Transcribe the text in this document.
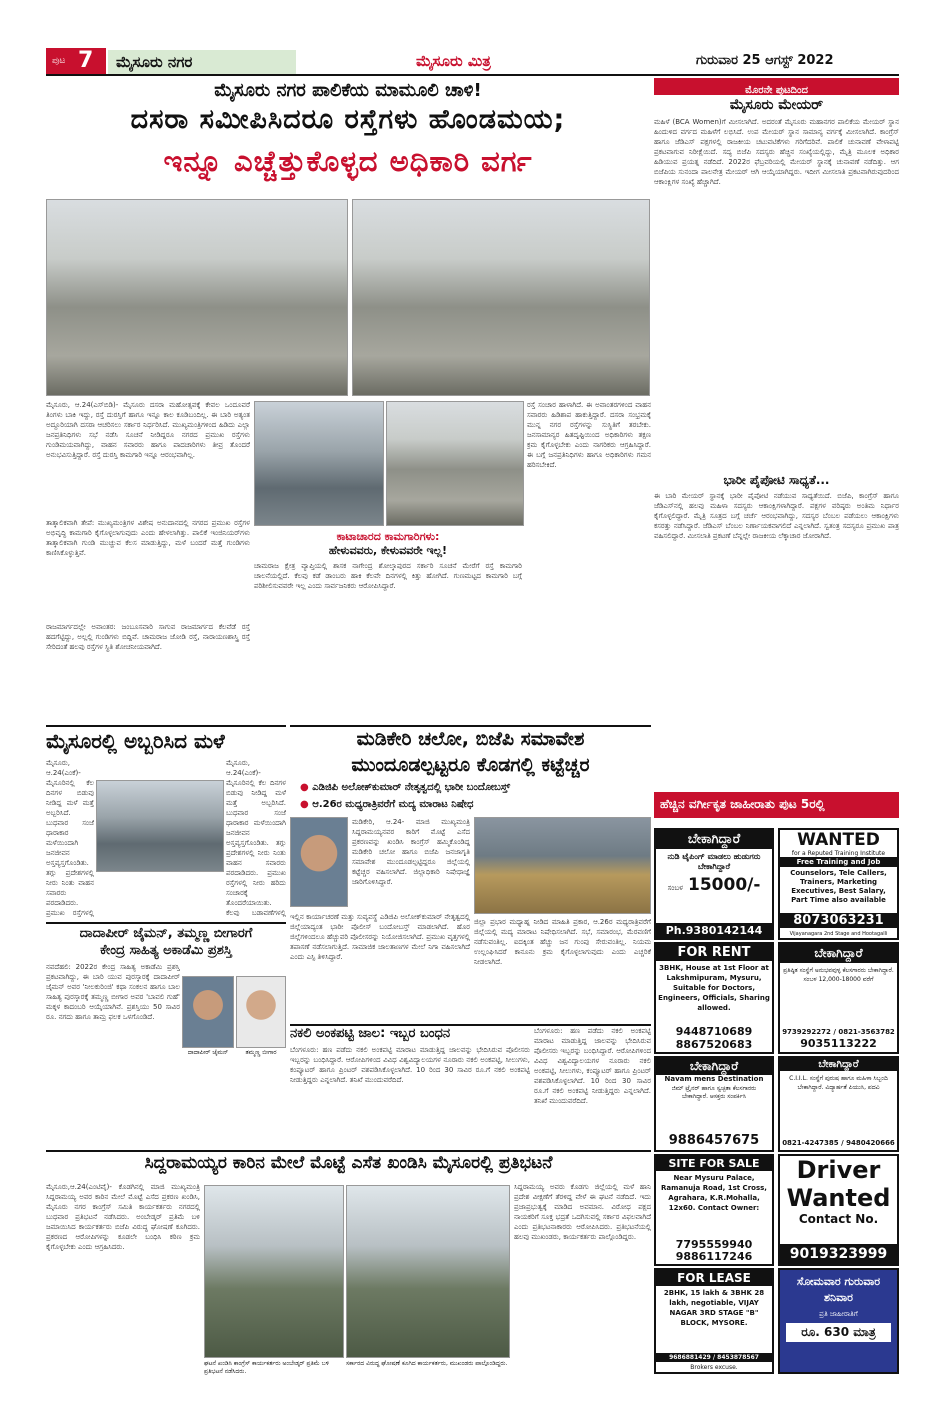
ಪುಟ 7 ಮೈಸೂರು ನಗರ	ಮೈಸೂರು ಮಿತ್ರ	ಗುರುವಾರ 25 ಆಗಸ್ಟ್ 2022
ಮೈಸೂರು ನಗರ ಪಾಲಿಕೆಯ ಮಾಮೂಲಿ ಚಾಳಿ!
ದಸರಾ ಸಮೀಪಿಸಿದರೂ ರಸ್ತೆಗಳು ಹೊಂಡಮಯ;
ಇನ್ನೂ ಎಚ್ಚೆತ್ತುಕೊಳ್ಳದ ಅಧಿಕಾರಿ ವರ್ಗ
ಮೈಸೂರು, ಆ.24(ಎಸ್‌ಬಿಡಿ)- ಮೈಸೂರು ದಸರಾ ಮಹೋತ್ಸವಕ್ಕೆ ಕೇವಲ ಒಂದೂವರೆ ತಿಂಗಳು ಬಾಕಿ ಇದ್ದು, ರಸ್ತೆ ದುರಸ್ತಿಗೆ ಹಾಗೂ ಇನ್ನೂ ಕಾಲ ಕೂಡಿಬಂದಿಲ್ಲ. ಈ ಬಾರಿ ಅತ್ಯಂತ ಅದ್ದೂರಿಯಾಗಿ ದಸರಾ ಆಚರಿಸಲು ಸರ್ಕಾರ ನಿರ್ಧರಿಸಿದೆ. ಮುಖ್ಯಮಂತ್ರಿಗಳಿಂದ ಹಿಡಿದು ಎಲ್ಲಾ ಜನಪ್ರತಿನಿಧಿಗಳು ಸಭೆ ನಡೆಸಿ ಸೂಚನೆ ನೀಡಿದ್ದರೂ ನಗರದ ಪ್ರಮುಖ ರಸ್ತೆಗಳು ಗುಂಡಿಮಯವಾಗಿದ್ದು, ವಾಹನ ಸವಾರರು ಹಾಗೂ ಪಾದಚಾರಿಗಳು ತೀವ್ರ ತೊಂದರೆ ಅನುಭವಿಸುತ್ತಿದ್ದಾರೆ. ರಸ್ತೆ ದುರಸ್ತಿ ಕಾಮಗಾರಿ ಇನ್ನೂ ಆರಂಭವಾಗಿಲ್ಲ.
ತಾತ್ಕಾಲಿಕವಾಗಿ ತೇಪೆ: ಮುಖ್ಯಮಂತ್ರಿಗಳ ವಿಶೇಷ ಅನುದಾನದಲ್ಲಿ ನಗರದ ಪ್ರಮುಖ ರಸ್ತೆಗಳ ಅಭಿವೃದ್ಧಿ ಕಾಮಗಾರಿ ಕೈಗೊಳ್ಳಲಾಗುವುದು ಎಂದು ಹೇಳಲಾಗಿತ್ತು. ಪಾಲಿಕೆ ಇಂಜಿನಿಯರ್‌ಗಳು ತಾತ್ಕಾಲಿಕವಾಗಿ ಗುಂಡಿ ಮುಚ್ಚುವ ಕೆಲಸ ಮಾಡುತ್ತಿದ್ದು, ಮಳೆ ಬಂದರೆ ಮತ್ತೆ ಗುಂಡಿಗಳು ಕಾಣಿಸಿಕೊಳ್ಳುತ್ತಿವೆ.
ರಾಜಮಾರ್ಗದಲ್ಲೇ ಅವಾಂತರ: ಜಂಬೂಸವಾರಿ ಸಾಗುವ ರಾಜಮಾರ್ಗದ ಕೆಲವೆಡೆ ರಸ್ತೆ ಹದಗೆಟ್ಟಿದ್ದು, ಅಲ್ಲಲ್ಲಿ ಗುಂಡಿಗಳು ಬಿದ್ದಿವೆ. ಚಾಮರಾಜ ಜೋಡಿ ರಸ್ತೆ, ನಾರಾಯಣಶಾಸ್ತ್ರಿ ರಸ್ತೆ ಸೇರಿದಂತೆ ಹಲವು ರಸ್ತೆಗಳ ಸ್ಥಿತಿ ಶೋಚನೀಯವಾಗಿದೆ.
ರಸ್ತೆ ಸಂಚಾರ ಹಾಳಾಗಿದೆ. ಈ ಅವಾಂತರಗಳಿಂದ ವಾಹನ ಸವಾರರು ಹಿಡಿಶಾಪ ಹಾಕುತ್ತಿದ್ದಾರೆ. ದಸರಾ ಸಂಭ್ರಮಕ್ಕೆ ಮುನ್ನ ನಗರ ರಸ್ತೆಗಳನ್ನು ಸುಸ್ಥಿತಿಗೆ ತರಬೇಕು. ಜನಸಾಮಾನ್ಯರ ಹಿತದೃಷ್ಟಿಯಿಂದ ಅಧಿಕಾರಿಗಳು ತಕ್ಷಣ ಕ್ರಮ ಕೈಗೊಳ್ಳಬೇಕು ಎಂದು ನಾಗರಿಕರು ಆಗ್ರಹಿಸಿದ್ದಾರೆ. ಈ ಬಗ್ಗೆ ಜನಪ್ರತಿನಿಧಿಗಳು ಹಾಗೂ ಅಧಿಕಾರಿಗಳು ಗಮನ ಹರಿಸಬೇಕಿದೆ.
ಕಾಟಾಚಾರದ ಕಾಮಗಾರಿಗಳು:
ಹೇಳುವವರು, ಕೇಳುವವರೇ ಇಲ್ಲ!
ಚಾಮರಾಜ ಕ್ಷೇತ್ರ ವ್ಯಾಪ್ತಿಯಲ್ಲಿ ಶಾಸಕ ನಾಗೇಂದ್ರ ಶೋಲ್ಕಾಪುರದ ಸರ್ಕಾರಿ ಸೂಚನೆ ಮೇರೆಗೆ ರಸ್ತೆ ಕಾಮಗಾರಿ ಚಾಲನೆಯಲ್ಲಿದೆ. ಕೆಲವು ಕಡೆ ಡಾಂಬರು ಹಾಕಿ ಕೆಲವೇ ದಿನಗಳಲ್ಲಿ ಕಿತ್ತು ಹೋಗಿದೆ. ಗುಣಮಟ್ಟದ ಕಾಮಗಾರಿ ಬಗ್ಗೆ ಪರಿಶೀಲಿಸುವವರೇ ಇಲ್ಲ ಎಂದು ಸಾರ್ವಜನಿಕರು ಆರೋಪಿಸಿದ್ದಾರೆ.
ಮೊರನೇ ಪುಟದಿಂದ
ಮೈಸೂರು ಮೇಯರ್
ಮಹಿಳೆ (BCA Women)ಗೆ ಮೀಸಲಾಗಿದೆ. ಅದರಂತೆ ಮೈಸೂರು ಮಹಾನಗರ ಪಾಲಿಕೆಯ ಮೇಯರ್ ಸ್ಥಾನ ಹಿಂದುಳಿದ ವರ್ಗದ ಮಹಿಳೆಗೆ ಲಭಿಸಿದೆ. ಉಪ ಮೇಯರ್ ಸ್ಥಾನ ಸಾಮಾನ್ಯ ವರ್ಗಕ್ಕೆ ಮೀಸಲಾಗಿದೆ. ಕಾಂಗ್ರೆಸ್ ಹಾಗೂ ಜೆಡಿಎಸ್ ಪಕ್ಷಗಳಲ್ಲಿ ರಾಜಕೀಯ ಚಟುವಟಿಕೆಗಳು ಗರಿಗೆದರಿವೆ. ಪಾಲಿಕೆ ಚುನಾವಣೆ ವೇಳಾಪಟ್ಟಿ ಪ್ರಕಟವಾಗುವ ನಿರೀಕ್ಷೆಯಿದೆ. ಸದ್ಯ ಬಿಜೆಪಿ ಸದಸ್ಯರು ಹೆಚ್ಚಿನ ಸಂಖ್ಯೆಯಲ್ಲಿದ್ದು, ಮೈತ್ರಿ ಮೂಲಕ ಅಧಿಕಾರ ಹಿಡಿಯುವ ಪ್ರಯತ್ನ ನಡೆದಿದೆ. 2022ರ ಫೆಬ್ರವರಿಯಲ್ಲಿ ಮೇಯರ್ ಸ್ಥಾನಕ್ಕೆ ಚುನಾವಣೆ ನಡೆದಿತ್ತು. ಆಗ ಬಿಜೆಪಿಯ ಸುನಂದಾ ಪಾಲನೇತ್ರ ಮೇಯರ್ ಆಗಿ ಆಯ್ಕೆಯಾಗಿದ್ದರು. ಇದೀಗ ಮೀಸಲಾತಿ ಪ್ರಕಟವಾಗಿರುವುದರಿಂದ ಆಕಾಂಕ್ಷಿಗಳ ಸಂಖ್ಯೆ ಹೆಚ್ಚಾಗಿದೆ.
ಭಾರೀ ಪೈಪೋಟಿ ಸಾಧ್ಯತೆ...
ಈ ಬಾರಿ ಮೇಯರ್ ಸ್ಥಾನಕ್ಕೆ ಭಾರೀ ಪೈಪೋಟಿ ನಡೆಯುವ ಸಾಧ್ಯತೆಯಿದೆ. ಬಿಜೆಪಿ, ಕಾಂಗ್ರೆಸ್ ಹಾಗೂ ಜೆಡಿಎಸ್‌ನಲ್ಲಿ ಹಲವು ಮಹಿಳಾ ಸದಸ್ಯರು ಆಕಾಂಕ್ಷಿಗಳಾಗಿದ್ದಾರೆ. ಪಕ್ಷಗಳ ವರಿಷ್ಠರು ಅಂತಿಮ ನಿರ್ಧಾರ ಕೈಗೊಳ್ಳಲಿದ್ದಾರೆ. ಮೈತ್ರಿ ಸೂತ್ರದ ಬಗ್ಗೆ ಚರ್ಚೆ ಆರಂಭವಾಗಿದ್ದು, ಸದಸ್ಯರ ಬೆಂಬಲ ಪಡೆಯಲು ಆಕಾಂಕ್ಷಿಗಳು ಕಸರತ್ತು ನಡೆಸಿದ್ದಾರೆ. ಜೆಡಿಎಸ್ ಬೆಂಬಲ ನಿರ್ಣಾಯಕವಾಗಲಿದೆ ಎನ್ನಲಾಗಿದೆ. ಸ್ವತಂತ್ರ ಸದಸ್ಯರೂ ಪ್ರಮುಖ ಪಾತ್ರ ವಹಿಸಲಿದ್ದಾರೆ. ಮೀಸಲಾತಿ ಪ್ರಕಟಣೆ ಬೆನ್ನಲ್ಲೇ ರಾಜಕೀಯ ಲೆಕ್ಕಾಚಾರ ಜೋರಾಗಿದೆ.
ಮೈಸೂರಲ್ಲಿ ಅಬ್ಬರಿಸಿದ ಮಳೆ
ಮೈಸೂರು, ಆ.24(ಎಂಕೆ)- ಮೈಸೂರಿನಲ್ಲಿ ಕೆಲ ದಿನಗಳ ಬಿಡುವು ನೀಡಿದ್ದ ಮಳೆ ಮತ್ತೆ ಅಬ್ಬರಿಸಿದೆ. ಬುಧವಾರ ಸಂಜೆ ಧಾರಾಕಾರ ಮಳೆಯಿಂದಾಗಿ ಜನಜೀವನ ಅಸ್ತವ್ಯಸ್ತಗೊಂಡಿತು. ತಗ್ಗು ಪ್ರದೇಶಗಳಲ್ಲಿ ನೀರು ನಿಂತು ವಾಹನ ಸವಾರರು ಪರದಾಡಿದರು. ಪ್ರಮುಖ ರಸ್ತೆಗಳಲ್ಲಿ
ಮೈಸೂರು, ಆ.24(ಎಂಕೆ)- ಮೈಸೂರಿನಲ್ಲಿ ಕೆಲ ದಿನಗಳ ಬಿಡುವು ನೀಡಿದ್ದ ಮಳೆ ಮತ್ತೆ ಅಬ್ಬರಿಸಿದೆ. ಬುಧವಾರ ಸಂಜೆ ಧಾರಾಕಾರ ಮಳೆಯಿಂದಾಗಿ ಜನಜೀವನ ಅಸ್ತವ್ಯಸ್ತಗೊಂಡಿತು. ತಗ್ಗು ಪ್ರದೇಶಗಳಲ್ಲಿ ನೀರು ನಿಂತು ವಾಹನ ಸವಾರರು ಪರದಾಡಿದರು. ಪ್ರಮುಖ ರಸ್ತೆಗಳಲ್ಲಿ ನೀರು ಹರಿದು ಸಂಚಾರಕ್ಕೆ ತೊಂದರೆಯಾಯಿತು. ಕೆಲವು ಬಡಾವಣೆಗಳಲ್ಲಿ
ದಾದಾಪೀರ್ ಜೈಮನ್, ತಮ್ಮಣ್ಣ ಬೀಗಾರಗೆ
ಕೇಂದ್ರ ಸಾಹಿತ್ಯ ಅಕಾಡೆಮಿ ಪ್ರಶಸ್ತಿ
ನವದೆಹಲಿ: 2022ರ ಕೇಂದ್ರ ಸಾಹಿತ್ಯ ಅಕಾಡೆಮಿ ಪ್ರಶಸ್ತಿ ಪ್ರಕಟವಾಗಿದ್ದು, ಈ ಬಾರಿ ಯುವ ಪುರಸ್ಕಾರಕ್ಕೆ ದಾದಾಪೀರ್ ಜೈಮನ್ ಅವರ 'ನೀಲಕುರಿಂಜಿ' ಕಥಾ ಸಂಕಲನ ಹಾಗೂ ಬಾಲ ಸಾಹಿತ್ಯ ಪುರಸ್ಕಾರಕ್ಕೆ ತಮ್ಮಣ್ಣ ಬೀಗಾರ ಅವರ 'ಬಾವಲಿ ಗುಹೆ' ಮಕ್ಕಳ ಕಾದಂಬರಿ ಆಯ್ಕೆಯಾಗಿವೆ. ಪ್ರಶಸ್ತಿಯು 50 ಸಾವಿರ ರೂ. ನಗದು ಹಾಗೂ ತಾಮ್ರ ಫಲಕ ಒಳಗೊಂಡಿದೆ.
ದಾದಾಪೀರ್ ಜೈಮನ್	ತಮ್ಮಣ್ಣ ಬೀಗಾರ
ಮಡಿಕೇರಿ ಚಲೋ, ಬಿಜೆಪಿ ಸಮಾವೇಶ
ಮುಂದೂಡಲ್ಪಟ್ಟರೂ ಕೊಡಗಲ್ಲಿ ಕಟ್ಟೆಚ್ಚರ
● ಎಡಿಜಿಪಿ ಅಲೋಕ್‌ಕುಮಾರ್ ನೇತೃತ್ವದಲ್ಲಿ ಭಾರೀ ಬಂದೋಬಸ್ತ್
● ಆ.26ರ ಮಧ್ಯರಾತ್ರಿವರೆಗೆ ಮದ್ಯ ಮಾರಾಟ ನಿಷೇಧ
ಮಡಿಕೇರಿ, ಆ.24- ಮಾಜಿ ಮುಖ್ಯಮಂತ್ರಿ ಸಿದ್ದರಾಮಯ್ಯನವರ ಕಾರಿಗೆ ಮೊಟ್ಟೆ ಎಸೆದ ಪ್ರಕರಣವನ್ನು ಖಂಡಿಸಿ ಕಾಂಗ್ರೆಸ್ ಹಮ್ಮಿಕೊಂಡಿದ್ದ ಮಡಿಕೇರಿ ಚಲೋ ಹಾಗೂ ಬಿಜೆಪಿ ಜನಜಾಗೃತಿ ಸಮಾವೇಶ ಮುಂದೂಡಲ್ಪಟ್ಟಿದ್ದರೂ ಜಿಲ್ಲೆಯಲ್ಲಿ ಕಟ್ಟೆಚ್ಚರ ವಹಿಸಲಾಗಿದೆ. ಜಿಲ್ಲಾಧಿಕಾರಿ ನಿಷೇಧಾಜ್ಞೆ ಜಾರಿಗೊಳಿಸಿದ್ದಾರೆ.
ಇಲ್ಲಿನ ಕಾರ್ಯಾಚರಣೆ ಮತ್ತು ಸುವ್ಯವಸ್ಥೆ ಎಡಿಜಿಪಿ ಅಲೋಕ್‌ಕುಮಾರ್ ನೇತೃತ್ವದಲ್ಲಿ ಜಿಲ್ಲೆಯಾದ್ಯಂತ ಭಾರೀ ಪೊಲೀಸ್ ಬಂದೋಬಸ್ತ್ ಮಾಡಲಾಗಿದೆ. ಹೊರ ಜಿಲ್ಲೆಗಳಿಂದಲೂ ಹೆಚ್ಚುವರಿ ಪೊಲೀಸರನ್ನು ನಿಯೋಜಿಸಲಾಗಿದೆ. ಪ್ರಮುಖ ವೃತ್ತಗಳಲ್ಲಿ ತಪಾಸಣೆ ನಡೆಸಲಾಗುತ್ತಿದೆ. ಸಾಮಾಜಿಕ ಜಾಲತಾಣಗಳ ಮೇಲೆ ನಿಗಾ ವಹಿಸಲಾಗಿದೆ ಎಂದು ಎಸ್ಪಿ ತಿಳಿಸಿದ್ದಾರೆ.
ಜಿಲ್ಲಾ ಪ್ರಭಾರ ಮಧ್ಯಾಹ್ನ ನೀಡಿದ ಮಾಹಿತಿ ಪ್ರಕಾರ, ಆ.26ರ ಮಧ್ಯರಾತ್ರಿವರೆಗೆ ಜಿಲ್ಲೆಯಲ್ಲಿ ಮದ್ಯ ಮಾರಾಟ ನಿಷೇಧಿಸಲಾಗಿದೆ. ಸಭೆ, ಸಮಾರಂಭ, ಮೆರವಣಿಗೆ ನಡೆಸುವಂತಿಲ್ಲ. ಐದಕ್ಕಿಂತ ಹೆಚ್ಚು ಜನ ಗುಂಪು ಸೇರುವಂತಿಲ್ಲ. ನಿಯಮ ಉಲ್ಲಂಘಿಸಿದರೆ ಕಾನೂನು ಕ್ರಮ ಕೈಗೊಳ್ಳಲಾಗುವುದು ಎಂದು ಎಚ್ಚರಿಕೆ ನೀಡಲಾಗಿದೆ.
ನಕಲಿ ಅಂಕಪಟ್ಟಿ ಜಾಲ: ಇಬ್ಬರ ಬಂಧನ
ಬೆಂಗಳೂರು: ಹಣ ಪಡೆದು ನಕಲಿ ಅಂಕಪಟ್ಟಿ ಮಾರಾಟ ಮಾಡುತ್ತಿದ್ದ ಜಾಲವನ್ನು ಭೇದಿಸಿರುವ ಪೊಲೀಸರು ಇಬ್ಬರನ್ನು ಬಂಧಿಸಿದ್ದಾರೆ. ಆರೋಪಿಗಳಿಂದ ವಿವಿಧ ವಿಶ್ವವಿದ್ಯಾಲಯಗಳ ನೂರಾರು ನಕಲಿ ಅಂಕಪಟ್ಟಿ, ಸೀಲುಗಳು, ಕಂಪ್ಯೂಟರ್ ಹಾಗೂ ಪ್ರಿಂಟರ್ ವಶಪಡಿಸಿಕೊಳ್ಳಲಾಗಿದೆ. 10 ರಿಂದ 30 ಸಾವಿರ ರೂ.ಗೆ ನಕಲಿ ಅಂಕಪಟ್ಟಿ ನೀಡುತ್ತಿದ್ದರು ಎನ್ನಲಾಗಿದೆ. ತನಿಖೆ ಮುಂದುವರೆದಿದೆ.
ಬೆಂಗಳೂರು: ಹಣ ಪಡೆದು ನಕಲಿ ಅಂಕಪಟ್ಟಿ ಮಾರಾಟ ಮಾಡುತ್ತಿದ್ದ ಜಾಲವನ್ನು ಭೇದಿಸಿರುವ ಪೊಲೀಸರು ಇಬ್ಬರನ್ನು ಬಂಧಿಸಿದ್ದಾರೆ. ಆರೋಪಿಗಳಿಂದ ವಿವಿಧ ವಿಶ್ವವಿದ್ಯಾಲಯಗಳ ನೂರಾರು ನಕಲಿ ಅಂಕಪಟ್ಟಿ, ಸೀಲುಗಳು, ಕಂಪ್ಯೂಟರ್ ಹಾಗೂ ಪ್ರಿಂಟರ್ ವಶಪಡಿಸಿಕೊಳ್ಳಲಾಗಿದೆ. 10 ರಿಂದ 30 ಸಾವಿರ ರೂ.ಗೆ ನಕಲಿ ಅಂಕಪಟ್ಟಿ ನೀಡುತ್ತಿದ್ದರು ಎನ್ನಲಾಗಿದೆ. ತನಿಖೆ ಮುಂದುವರೆದಿದೆ.
ಸಿದ್ದರಾಮಯ್ಯರ ಕಾರಿನ ಮೇಲೆ ಮೊಟ್ಟೆ ಎಸೆತ ಖಂಡಿಸಿ ಮೈಸೂರಲ್ಲಿ ಪ್ರತಿಭಟನೆ
ಮೈಸೂರು,ಆ.24(ಎಂಟಿವೈ)- ಕೊಡಗಿನಲ್ಲಿ ಮಾಜಿ ಮುಖ್ಯಮಂತ್ರಿ ಸಿದ್ದರಾಮಯ್ಯ ಅವರ ಕಾರಿನ ಮೇಲೆ ಮೊಟ್ಟೆ ಎಸೆದ ಪ್ರಕರಣ ಖಂಡಿಸಿ, ಮೈಸೂರು ನಗರ ಕಾಂಗ್ರೆಸ್ ಸಮಿತಿ ಕಾರ್ಯಕರ್ತರು ನಗರದಲ್ಲಿ ಬುಧವಾರ ಪ್ರತಿಭಟನೆ ನಡೆಸಿದರು. ಅಂಬೇಡ್ಕರ್ ಪ್ರತಿಮೆ ಬಳಿ ಜಮಾಯಿಸಿದ ಕಾರ್ಯಕರ್ತರು ಬಿಜೆಪಿ ವಿರುದ್ಧ ಘೋಷಣೆ ಕೂಗಿದರು. ಪ್ರಕರಣದ ಆರೋಪಿಗಳನ್ನು ಕೂಡಲೇ ಬಂಧಿಸಿ ಕಠಿಣ ಕ್ರಮ ಕೈಗೊಳ್ಳಬೇಕು ಎಂದು ಆಗ್ರಹಿಸಿದರು.
ಘಟನೆ ಖಂಡಿಸಿ ಕಾಂಗ್ರೆಸ್ ಕಾರ್ಯಕರ್ತರು ಅಂಬೇಡ್ಕರ್ ಪ್ರತಿಮೆ ಬಳಿ ಪ್ರತಿಭಟನೆ ನಡೆಸಿದರು.
ಸರ್ಕಾರದ ವಿರುದ್ಧ ಘೋಷಣೆ ಕೂಗಿದ ಕಾರ್ಯಕರ್ತರು, ಮುಖಂಡರು ಪಾಲ್ಗೊಂಡಿದ್ದರು.
ಸಿದ್ದರಾಮಯ್ಯ ಅವರು ಕೊಡಗು ಜಿಲ್ಲೆಯಲ್ಲಿ ಮಳೆ ಹಾನಿ ಪ್ರದೇಶ ವೀಕ್ಷಣೆಗೆ ತೆರಳಿದ್ದ ವೇಳೆ ಈ ಘಟನೆ ನಡೆದಿದೆ. ಇದು ಪ್ರಜಾಪ್ರಭುತ್ವಕ್ಕೆ ಮಾಡಿದ ಅವಮಾನ. ವಿರೋಧ ಪಕ್ಷದ ನಾಯಕರಿಗೆ ಸೂಕ್ತ ಭದ್ರತೆ ಒದಗಿಸುವಲ್ಲಿ ಸರ್ಕಾರ ವಿಫಲವಾಗಿದೆ ಎಂದು ಪ್ರತಿಭಟನಾಕಾರರು ಆರೋಪಿಸಿದರು. ಪ್ರತಿಭಟನೆಯಲ್ಲಿ ಹಲವು ಮುಖಂಡರು, ಕಾರ್ಯಕರ್ತರು ಪಾಲ್ಗೊಂಡಿದ್ದರು.
ಹೆಚ್ಚಿನ ವರ್ಗೀಕೃತ ಜಾಹೀರಾತು ಪುಟ 5ರಲ್ಲಿ
ಬೇಕಾಗಿದ್ದಾರೆ
ನುಡಿ ಟೈಪಿಂಗ್ ಮಾಡಲು ಹುಡುಗರು ಬೇಕಾಗಿದ್ದಾರೆ
ಸಂಬಳ 15000/-
Ph.9380142144
WANTED
for a Reputed Training Institute
Free Training and Job
Counselors, Tele Callers, Trainers, Marketing Executives, Best Salary, Part Time also available
8073063231
Vijayanagara 2nd Stage and Hootagalli
FOR RENT
3BHK, House at 1st Floor at Lakshmipuram, Mysuru, Suitable for Doctors, Engineers, Officials, Sharing allowed.
9448710689
8867520683
ಬೇಕಾಗಿದ್ದಾರೆ
ಪ್ರತಿಷ್ಠಿತ ಸಂಸ್ಥೆಗೆ ಅನುಭವವುಳ್ಳ ಕೆಲಸಗಾರರು ಬೇಕಾಗಿದ್ದಾರೆ. ಸಂಬಳ 12,000-18000 ವರೆಗೆ
9739292272 / 0821-3563782
9035113222
ಬೇಕಾಗಿದ್ದಾರೆ
Navam mens Destination
ಜಿಮ್ ಟ್ರೈನರ್ ಹಾಗೂ ಸ್ವಚ್ಛತಾ ಕೆಲಸಗಾರರು ಬೇಕಾಗಿದ್ದಾರೆ. ಆಸಕ್ತರು ಸಂಪರ್ಕಿಸಿ
9886457675
ಬೇಕಾಗಿದ್ದಾರೆ
C.I.I.L. ಸಂಸ್ಥೆಗೆ ಪುರುಷ ಹಾಗೂ ಮಹಿಳಾ ಸಿಬ್ಬಂದಿ ಬೇಕಾಗಿದ್ದಾರೆ. ವಿದ್ಯಾರ್ಹತೆ ಪಿಯುಸಿ, ಪದವಿ
0821-4247385 / 9480420666
SITE FOR SALE
Near Mysuru Palace, Ramanuja Road, 1st Cross, Agrahara, K.R.Mohalla, 12x60. Contact Owner:
7795559940
9886117246
Driver
Wanted
Contact No.
9019323999
FOR LEASE
2BHK, 15 lakh & 3BHK 28 lakh, negotiable, VIJAY NAGAR 3RD STAGE "B" BLOCK, MYSORE.
9686881429 / 8453878567
Brokers excuse.
ಸೋಮವಾರ ಗುರುವಾರ ಶನಿವಾರ
ಪ್ರತಿ ಜಾಹೀರಾತಿಗೆ
ರೂ. 630 ಮಾತ್ರ
